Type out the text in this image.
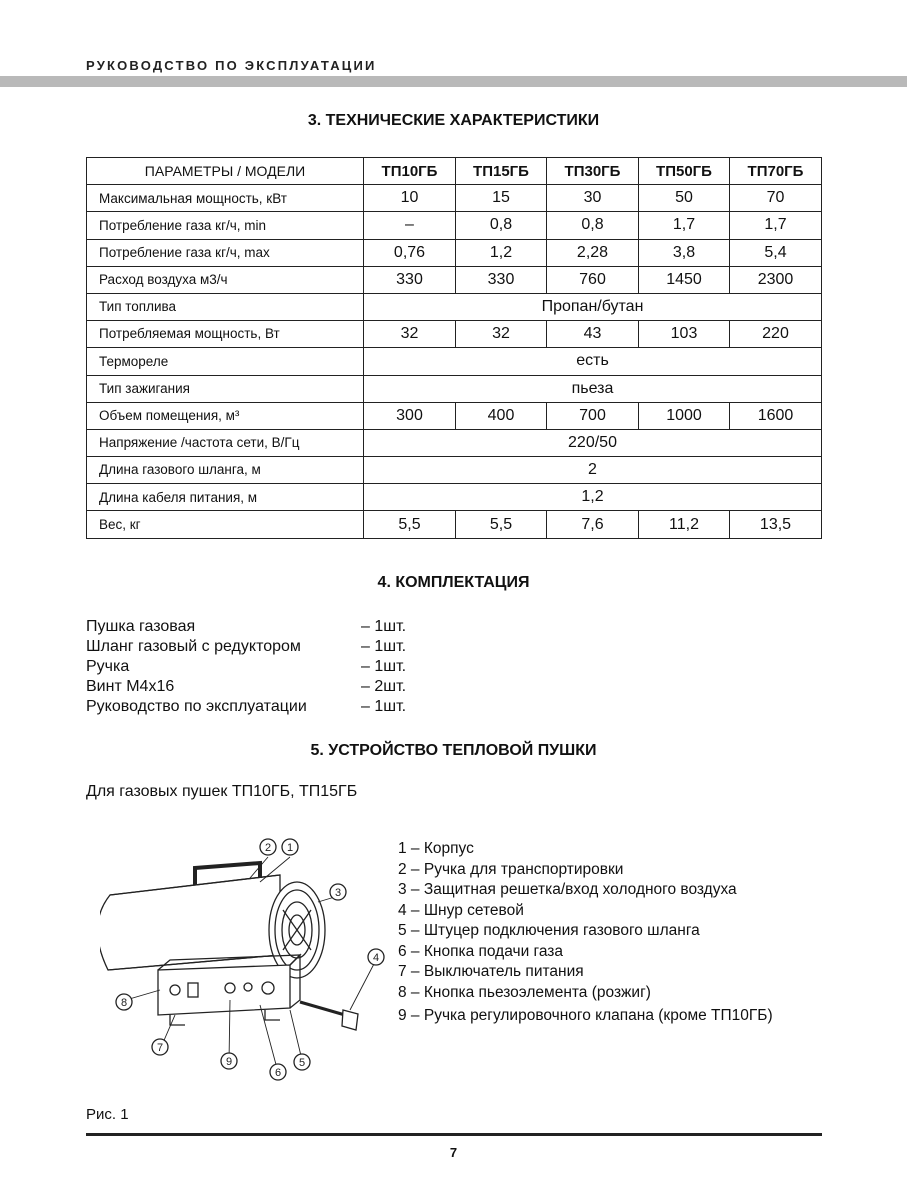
РУКОВОДСТВО ПО ЭКСПЛУАТАЦИИ
3. ТЕХНИЧЕСКИЕ ХАРАКТЕРИСТИКИ
ПАРАМЕТРЫ / МОДЕЛИ	ТП10ГБ	ТП15ГБ	ТП30ГБ	ТП50ГБ	ТП70ГБ
Максимальная мощность, кВт	10	15	30	50	70
Потребление газа кг/ч, min	–	0,8	0,8	1,7	1,7
Потребление газа кг/ч, max	0,76	1,2	2,28	3,8	5,4
Расход воздуха м3/ч	330	330	760	1450	2300
Тип топлива	Пропан/бутан				
Потребляемая мощность, Вт	32	32	43	103	220
Термореле	есть				
Тип зажигания	пьеза				
Объем помещения, м³	300	400	700	1000	1600
Напряжение /частота сети, В/Гц	220/50				
Длина газового шланга, м	2				
Длина кабеля питания, м	1,2				
Вес, кг	5,5	5,5	7,6	11,2	13,5
4. КОМПЛЕКТАЦИЯ
Пушка газовая	– 1шт.
Шланг газовый с редуктором	– 1шт.
Ручка	– 1шт.
Винт М4х16	– 2шт.
Руководство по эксплуатации	– 1шт.
5. УСТРОЙСТВО ТЕПЛОВОЙ ПУШКИ
Для газовых пушек ТП10ГБ, ТП15ГБ
2 1
3
4
5
6
7
8
9
1 – Корпус
2 – Ручка для транспортировки
3 – Защитная решетка/вход холодного воздуха
4 – Шнур сетевой
5 – Штуцер подключения газового шланга
6 – Кнопка подачи газа
7 – Выключатель питания
8 – Кнопка пьезоэлемента (розжиг)
9 – Ручка регулировочного клапана (кроме ТП10ГБ)
Рис. 1
7
